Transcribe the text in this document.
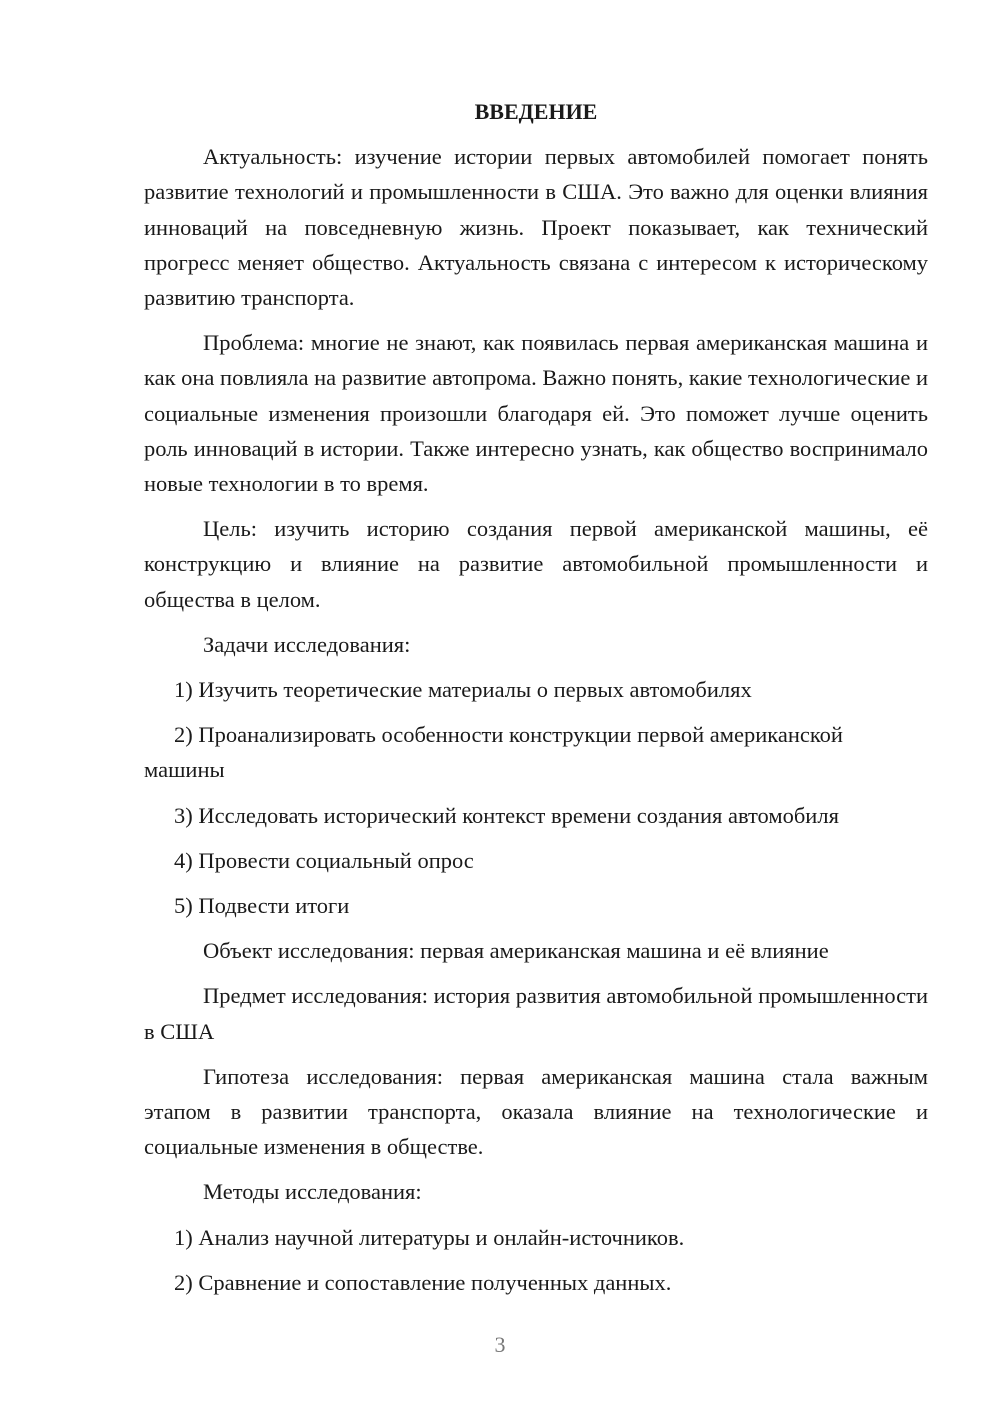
ВВЕДЕНИЕ
Актуальность: изучение истории первых автомобилей помогает понять развитие технологий и промышленности в США. Это важно для оценки влияния инноваций на повседневную жизнь. Проект показывает, как технический прогресс меняет общество. Актуальность связана с интересом к историческому развитию транспорта.
Проблема: многие не знают, как появилась первая американская машина и как она повлияла на развитие автопрома. Важно понять, какие технологические и социальные изменения произошли благодаря ей. Это поможет лучше оценить роль инноваций в истории. Также интересно узнать, как общество воспринимало новые технологии в то время.
Цель: изучить историю создания первой американской машины, её конструкцию и влияние на развитие автомобильной промышленности и общества в целом.
Задачи исследования:
1) Изучить теоретические материалы о первых автомобилях
2) Проанализировать особенности конструкции первой американской машины
3) Исследовать исторический контекст времени создания автомобиля
4) Провести социальный опрос
5) Подвести итоги
Объект исследования: первая американская машина и её влияние
Предмет исследования: история развития автомобильной промышленности в США
Гипотеза исследования: первая американская машина стала важным этапом в развитии транспорта, оказала влияние на технологические и социальные изменения в обществе.
Методы исследования:
1) Анализ научной литературы и онлайн-источников.
2) Сравнение и сопоставление полученных данных.
3
